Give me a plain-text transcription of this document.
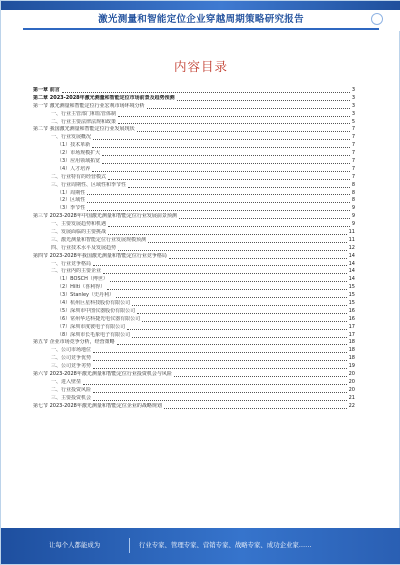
激光测量和智能定位企业穿越周期策略研究报告
内容目录
第一章 前言	3
第二章 2023-2028年激光测量和智能定位市场前景及趋势预测	3
第一节 激光测量和智能定位行业宏观市场环境分析	3
一、行业主管部门和监管体制	3
二、行业主要法律法规和政策	5
第二节 我国激光测量和智能定位行业发展现状	7
一、行业发展概况	7
（1）技术革新	7
（2）市场规模扩大	7
（3）应用领域拓宽	7
（4）人才培养	7
二、行业特有的经营模式	7
三、行业周期性、区域性和季节性	8
（1）周期性	8
（2）区域性	8
（3）季节性	9
第三节 2023-2028年中国激光测量和智能定位行业发展前景预测	9
一、主要发展趋势和机遇	9
二、发展面临的主要挑战	11
三、激光测量和智能定位行业发展规模预测	11
四、行业技术水平及发展趋势	12
第四节 2023-2028年我国激光测量和智能定位行业竞争格局	14
一、行业竞争格局	14
二、行业内的主要企业	14
（1）BOSCH（博世）	14
（2）Hilti（喜利得）	15
（3）Stanley（史丹利）	15
（4）杭州巨星科技股份有限公司	15
（5）深圳市中图仪器股份有限公司	16
（6）常州华达科捷光电仪器有限公司	16
（7）深圳市度彼电子有限公司	17
（8）深圳市长毛象电子有限公司	17
第五节 企业市场竞争分析，经营策略	18
一、公司市场地位	18
二、公司竞争优势	18
三、公司竞争劣势	19
第六节 2023-2028年激光测量和智能定位行业投资机会与风险	20
一、进入壁垒	20
二、行业投资风险	20
三、主要投资机会	21
第七节 2023-2028年激光测量和智能定位企业的战略规划	22
让每个人都能成为	行业专家、管理专家、营销专家、战略专家、成功企业家……
